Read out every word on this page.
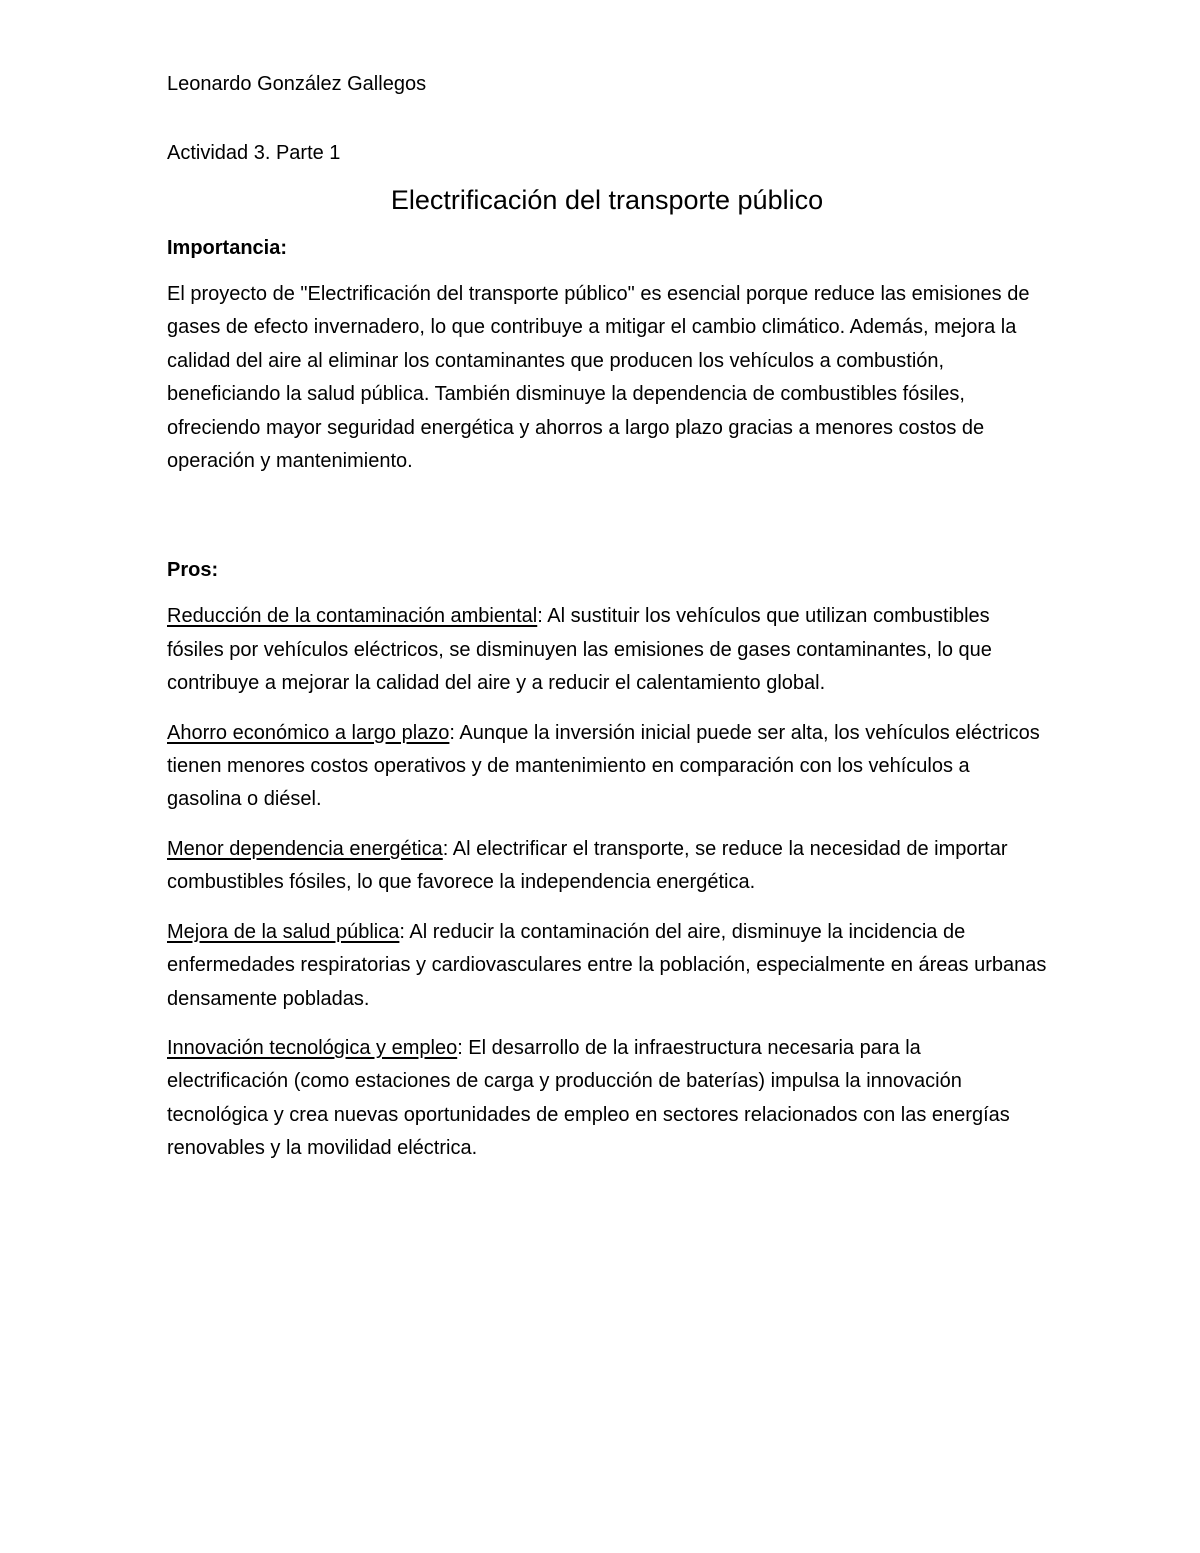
Leonardo González Gallegos

Actividad 3. Parte 1

Electrificación del transporte público

Importancia:

El proyecto de "Electrificación del transporte público" es esencial porque reduce las emisiones de gases de efecto invernadero, lo que contribuye a mitigar el cambio climático. Además, mejora la calidad del aire al eliminar los contaminantes que producen los vehículos a combustión, beneficiando la salud pública. También disminuye la dependencia de combustibles fósiles, ofreciendo mayor seguridad energética y ahorros a largo plazo gracias a menores costos de operación y mantenimiento.

Pros:

Reducción de la contaminación ambiental: Al sustituir los vehículos que utilizan combustibles fósiles por vehículos eléctricos, se disminuyen las emisiones de gases contaminantes, lo que contribuye a mejorar la calidad del aire y a reducir el calentamiento global.

Ahorro económico a largo plazo: Aunque la inversión inicial puede ser alta, los vehículos eléctricos tienen menores costos operativos y de mantenimiento en comparación con los vehículos a gasolina o diésel.

Menor dependencia energética: Al electrificar el transporte, se reduce la necesidad de importar combustibles fósiles, lo que favorece la independencia energética.

Mejora de la salud pública: Al reducir la contaminación del aire, disminuye la incidencia de enfermedades respiratorias y cardiovasculares entre la población, especialmente en áreas urbanas densamente pobladas.

Innovación tecnológica y empleo: El desarrollo de la infraestructura necesaria para la electrificación (como estaciones de carga y producción de baterías) impulsa la innovación tecnológica y crea nuevas oportunidades de empleo en sectores relacionados con las energías renovables y la movilidad eléctrica.
